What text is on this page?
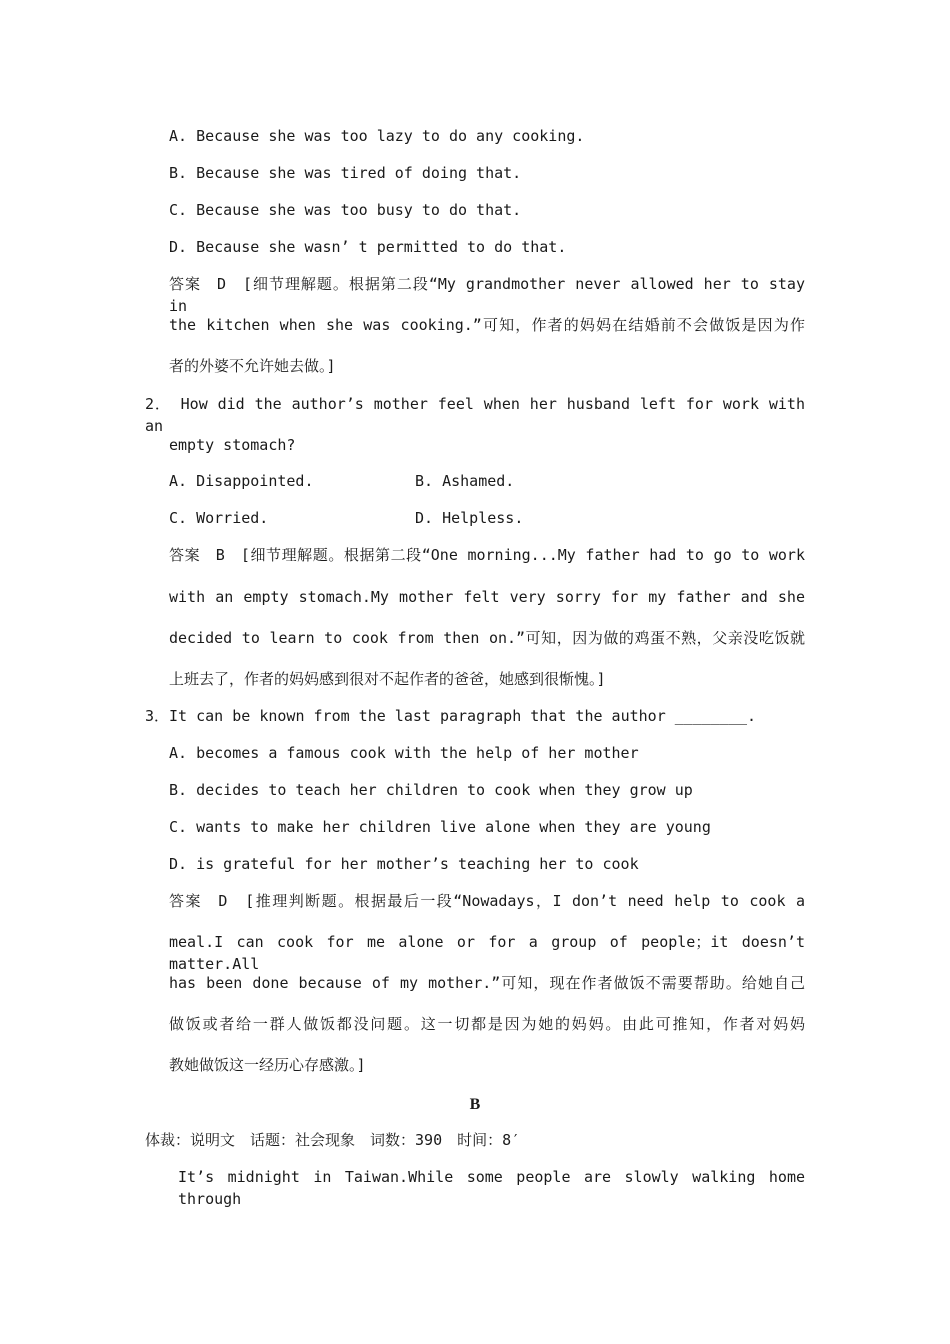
A. Because she was too lazy to do any cooking.
B. Because she was tired of doing that.
C. Because she was too busy to do that.
D. Because she wasn’ t permitted to do that.
答案　D　[细节理解题。根据第二段“My grandmother never allowed her to stay in
the kitchen when she was cooking.”可知，作者的妈妈在结婚前不会做饭是因为作
者的外婆不允许她去做。]
2． How did the author’s mother feel when her husband left for work with an
empty stomach?
A. Disappointed.	B. Ashamed.
C. Worried.	D. Helpless.
答案　B　[细节理解题。根据第二段“One morning...My father had to go to work
with an empty stomach.My mother felt very sorry for my father and she
decided to learn to cook from then on.”可知，因为做的鸡蛋不熟，父亲没吃饭就
上班去了，作者的妈妈感到很对不起作者的爸爸，她感到很惭愧。]
3．It can be known from the last paragraph that the author ________.
A. becomes a famous cook with the help of her mother
B. decides to teach her children to cook when they grow up
C. wants to make her children live alone when they are young
D. is grateful for her mother’s teaching her to cook
答案　D　[推理判断题。根据最后一段“Nowadays，I don’t need help to cook a
meal.I can cook for me alone or for a group of people；it doesn’t matter.All
has been done because of my mother.”可知，现在作者做饭不需要帮助。给她自己
做饭或者给一群人做饭都没问题。这一切都是因为她的妈妈。由此可推知，作者对妈妈
教她做饭这一经历心存感激。]
B
体裁：说明文　话题：社会现象　词数：390　时间：8′
It’s midnight in Taiwan.While some people are slowly walking home through
